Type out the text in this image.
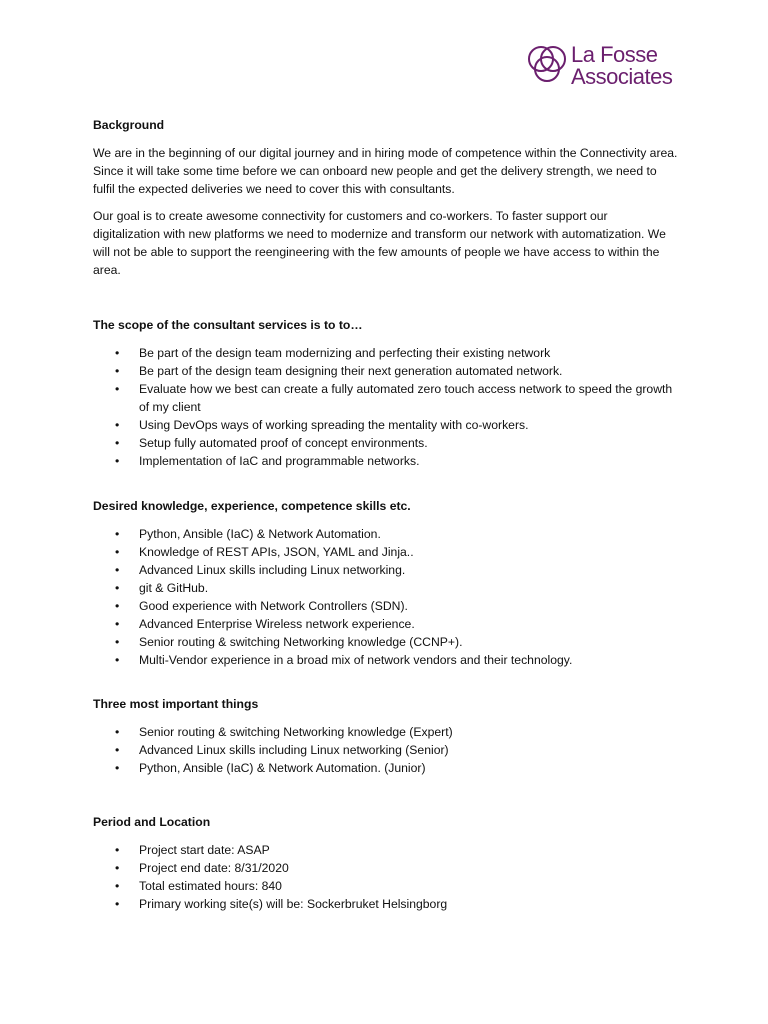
La Fosse
Associates
Background

We are in the beginning of our digital journey and in hiring mode of competence within the Connectivity area. Since it will take some time before we can onboard new people and get the delivery strength, we need to fulfil the expected deliveries we need to cover this with consultants.

Our goal is to create awesome connectivity for customers and co-workers. To faster support our digitalization with new platforms we need to modernize and transform our network with automatization. We will not be able to support the reengineering with the few amounts of people we have access to within the area.

The scope of the consultant services is to to…
• Be part of the design team modernizing and perfecting their existing network
• Be part of the design team designing their next generation automated network.
• Evaluate how we best can create a fully automated zero touch access network to speed the growth of my client
• Using DevOps ways of working spreading the mentality with co-workers.
• Setup fully automated proof of concept environments.
• Implementation of IaC and programmable networks.
Desired knowledge, experience, competence skills etc.
• Python, Ansible (IaC) & Network Automation.
• Knowledge of REST APIs, JSON, YAML and Jinja..
• Advanced Linux skills including Linux networking.
• git & GitHub.
• Good experience with Network Controllers (SDN).
• Advanced Enterprise Wireless network experience.
• Senior routing & switching Networking knowledge (CCNP+).
• Multi-Vendor experience in a broad mix of network vendors and their technology.
Three most important things
• Senior routing & switching Networking knowledge (Expert)
• Advanced Linux skills including Linux networking (Senior)
• Python, Ansible (IaC) & Network Automation. (Junior)
Period and Location
• Project start date: ASAP
• Project end date: 8/31/2020
• Total estimated hours: 840
• Primary working site(s) will be: Sockerbruket Helsingborg
